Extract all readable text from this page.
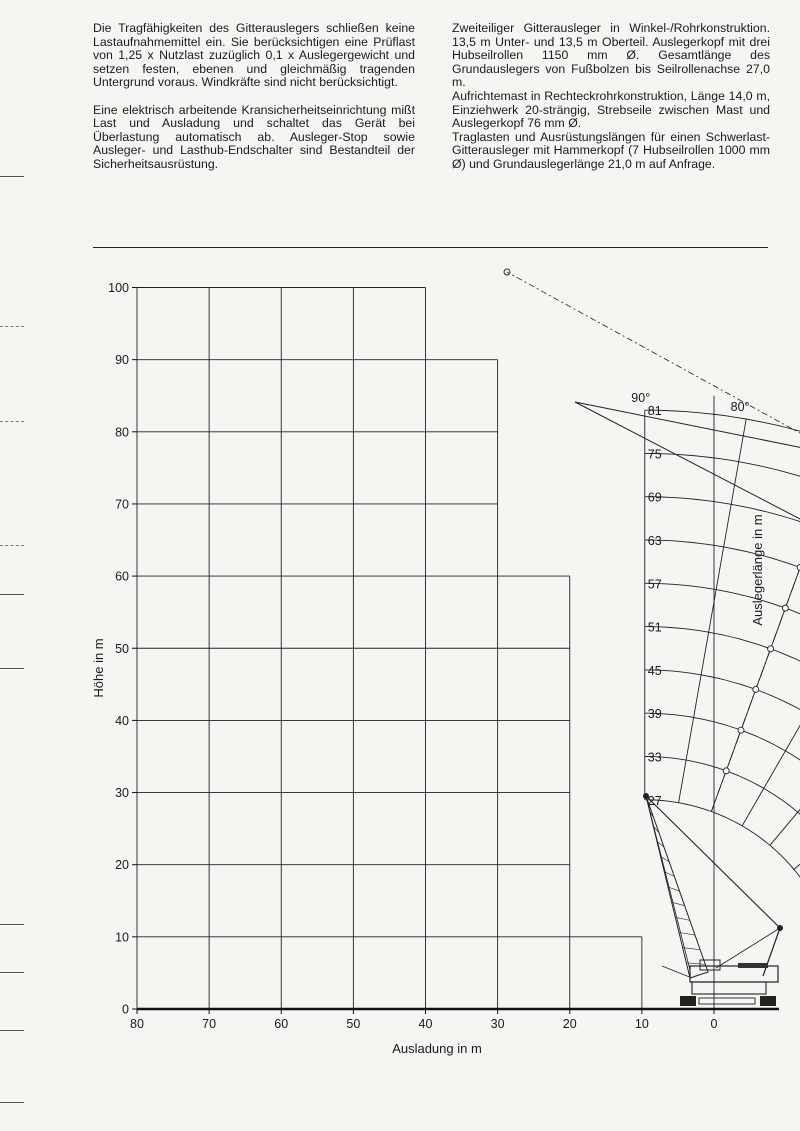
Die Tragfähigkeiten des Gitterauslegers schließen keine Lastaufnahmemittel ein. Sie berücksichtigen eine Prüflast von 1,25 x Nutzlast zuzüglich 0,1 x Auslegergewicht und setzen festen, ebenen und gleichmäßig tragenden Untergrund voraus. Windkräfte sind nicht berücksichtigt.

Eine elektrisch arbeitende Kransicherheitseinrichtung mißt Last und Ausladung und schaltet das Gerät bei Überlastung automatisch ab. Ausleger-Stop sowie Ausleger- und Lasthub-Endschalter sind Bestandteil der Sicherheitsausrüstung.

Zweiteiliger Gitterausleger in Winkel-/Rohrkonstruktion. 13,5 m Unter- und 13,5 m Oberteil. Auslegerkopf mit drei Hubseilrollen 1150 mm Ø. Gesamtlänge des Grundauslegers von Fußbolzen bis Seilrollenachse 27,0 m.

Aufrichtemast in Rechteckrohrkonstruktion, Länge 14,0 m, Einziehwerk 20-strängig, Strebseile zwischen Mast und Auslegerkopf 76 mm Ø.

Traglasten und Ausrüstungslängen für einen Schwerlast-Gitterausleger mit Hammerkopf (7 Hubseilrollen 1000 mm Ø) und Grundauslegerlänge 21,0 m auf Anfrage.

80	70	60	50	40	30	20	10	0
0
10
20
30
40
50
60
70
80
90
100
Ausladung in m
Höhe in m
Auslegerlänge in m
27
33
39
45
51
57
63
69
75
81	80°
90°
